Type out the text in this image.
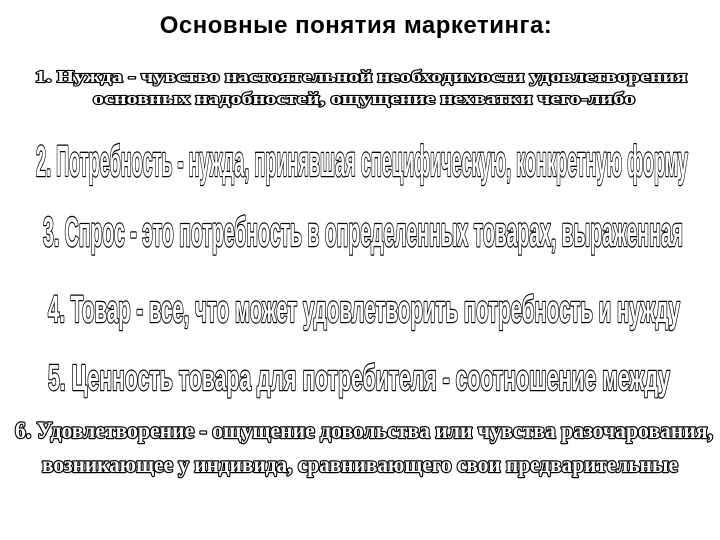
Основные понятия маркетинга:
1. Нужда - чувство настоятельной необходимости удовлетворения
основных надобностей, ощущение нехватки чего-либо
2. Потребность - нужда, принявшая специфическую, конкретную форму
3. Спрос - это потребность в определенных товарах, выраженная
4. Товар - все, что может удовлетворить потребность и нужду
5. Ценность товара для потребителя - соотношение между
6. Удовлетворение - ощущение довольства или чувства разочарования,
возникающее у индивида, сравнивающего свои предварительные
